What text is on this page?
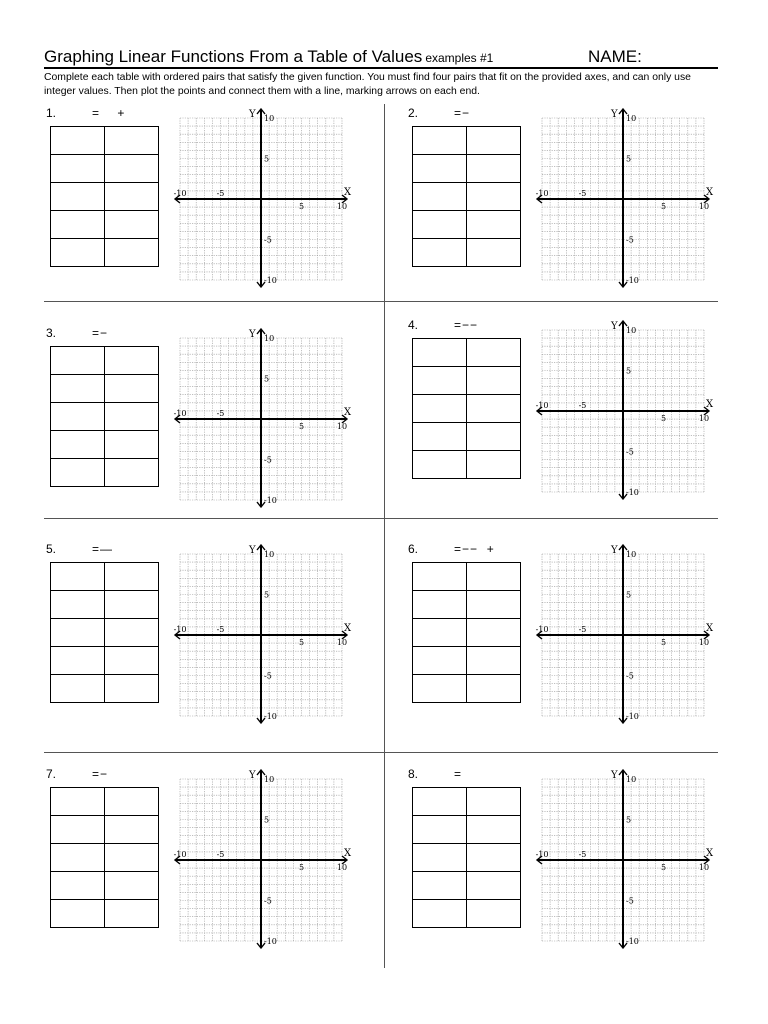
Graphing Linear Functions From a Table of Values examples #1	NAME:
Complete each table with ordered pairs that satisfy the given function. You must find four pairs that fit on the provided axes, and can only use integer values. Then plot the points and connect them with a line, marking arrows on each end.
1.	=    +

X
Y
-10	-5
5	10
10
5
-5
-10
2.	=−

X
Y
-10	-5
5	10
10
5
-5
-10
3.	=−

X
Y
-10	-5
5	10
10
5
-5
-10
4.	=−−

X
Y
-10	-5
5	10
10
5
-5
-10
5.	=—

X
Y
-10	-5
5	10
10
5
-5
-10
6.	=−−  +

X
Y
-10	-5
5	10
10
5
-5
-10
7.	=−

X
Y
-10	-5
5	10
10
5
-5
-10
8.	=

X
Y
-10	-5
5	10
10
5
-5
-10
